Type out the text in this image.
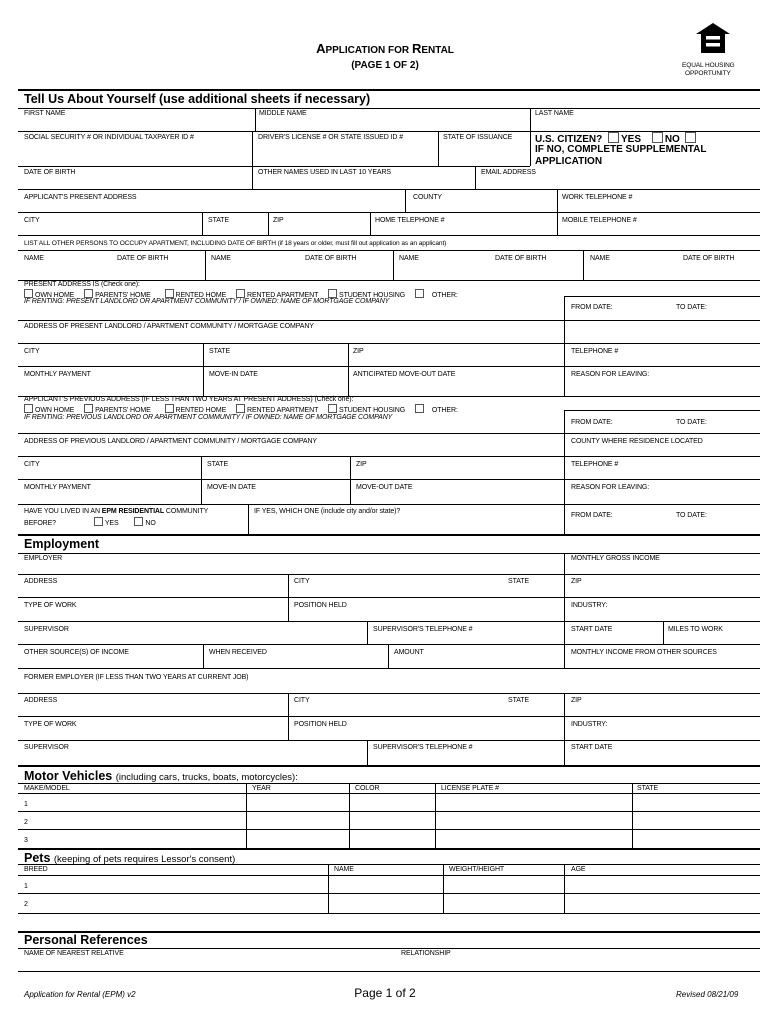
APPLICATION FOR RENTAL
(PAGE 1 OF 2)	EQUAL HOUSING
OPPORTUNITY
Tell Us About Yourself (use additional sheets if necessary)
FIRST NAME	MIDDLE NAME	LAST NAME
SOCIAL SECURITY # OR INDIVIDUAL TAXPAYER ID #	DRIVER'S LICENSE # OR STATE ISSUED ID #	STATE OF ISSUANCE U.S. CITIZEN? YES NO
IF NO, COMPLETE SUPPLEMENTAL
APPLICATION
DATE OF BIRTH	OTHER NAMES USED IN LAST 10 YEARS	EMAIL ADDRESS
APPLICANT'S PRESENT ADDRESS	COUNTY	WORK TELEPHONE #
CITY	STATE	ZIP	HOME TELEPHONE #	MOBILE TELEPHONE #
LIST ALL OTHER PERSONS TO OCCUPY APARTMENT, INCLUDING DATE OF BIRTH (if 18 years or older, must fill out application as an applicant)
NAME	DATE OF BIRTH	NAME	DATE OF BIRTH	NAME	DATE OF BIRTH	NAME	DATE OF BIRTH
PRESENT ADDRESS IS (Check one):
OWN HOME	PARENTS' HOME	RENTED HOME	RENTED APARTMENT	STUDENT HOUSING	OTHER:
IF RENTING: PRESENT LANDLORD OR APARTMENT COMMUNITY / IF OWNED: NAME OF MORTGAGE COMPANY
FROM DATE:	TO DATE:
ADDRESS OF PRESENT LANDLORD / APARTMENT COMMUNITY / MORTGAGE COMPANY
CITY	STATE	ZIP	TELEPHONE #
MONTHLY PAYMENT	MOVE-IN DATE	ANTICIPATED MOVE-OUT DATE	REASON FOR LEAVING:
APPLICANT'S PREVIOUS ADDRESS (IF LESS THAN TWO YEARS AT PRESENT ADDRESS) (Check one):
OWN HOME	PARENTS' HOME	RENTED HOME	RENTED APARTMENT	STUDENT HOUSING	OTHER:
IF RENTING: PREVIOUS LANDLORD OR APARTMENT COMMUNITY / IF OWNED: NAME OF MORTGAGE COMPANY
FROM DATE:	TO DATE:
ADDRESS OF PREVIOUS LANDLORD / APARTMENT COMMUNITY / MORTGAGE COMPANY	COUNTY WHERE RESIDENCE LOCATED
CITY	STATE	ZIP	TELEPHONE #
MONTHLY PAYMENT	MOVE-IN DATE	MOVE-OUT DATE	REASON FOR LEAVING:
HAVE YOU LIVED IN AN EPM RESIDENTIAL COMMUNITY
BEFORE?	YES	NO
IF YES, WHICH ONE (include city and/or state)?
FROM DATE:	TO DATE:
Employment
EMPLOYER	MONTHLY GROSS INCOME
ADDRESS	CITY	STATE	ZIP
TYPE OF WORK	POSITION HELD	INDUSTRY:
SUPERVISOR	SUPERVISOR'S TELEPHONE #	START DATE	MILES TO WORK
OTHER SOURCE(S) OF INCOME	WHEN RECEIVED	AMOUNT	MONTHLY INCOME FROM OTHER SOURCES
FORMER EMPLOYER (IF LESS THAN TWO YEARS AT CURRENT JOB)
ADDRESS	CITY	STATE	ZIP
TYPE OF WORK	POSITION HELD	INDUSTRY:
SUPERVISOR	SUPERVISOR'S TELEPHONE #	START DATE
Motor Vehicles (including cars, trucks, boats, motorcycles):
MAKE/MODEL	YEAR	COLOR	LICENSE PLATE #	STATE
1
2
3
Pets (keeping of pets requires Lessor's consent)
BREED	NAME	WEIGHT/HEIGHT	AGE
1
2
Personal References
NAME OF NEAREST RELATIVE	RELATIONSHIP
Application for Rental (EPM) v2	Page 1 of 2	Revised 08/21/09
